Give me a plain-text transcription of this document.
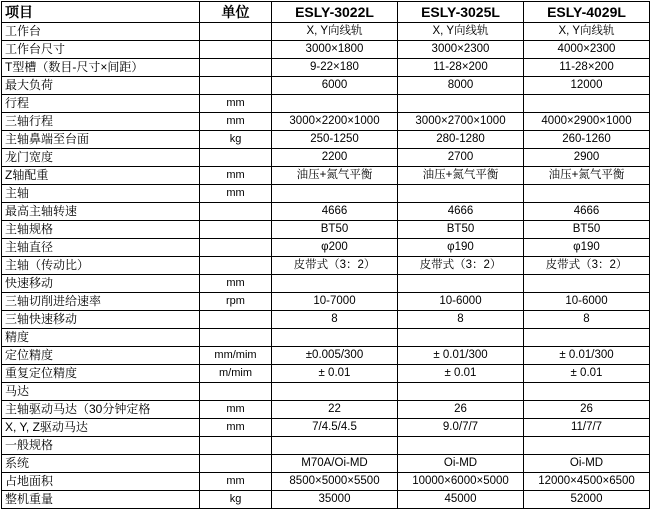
项目	单位	ESLY-3022L	ESLY-3025L	ESLY-4029L
工作台		X, Y向线轨	X, Y向线轨	X, Y向线轨
工作台尺寸		3000×1800	3000×2300	4000×2300
T型槽（数目-尺寸×间距）		9-22×180	11-28×200	11-28×200
最大负荷		6000	8000	12000
行程	mm			
三轴行程	mm	3000×2200×1000	3000×2700×1000	4000×2900×1000
主轴鼻端至台面	kg	250-1250	280-1280	260-1260
龙门宽度		2200	2700	2900
Z轴配重	mm	油压+氮气平衡	油压+氮气平衡	油压+氮气平衡
主轴	mm			
最高主轴转速		4666	4666	4666
主轴规格		BT50	BT50	BT50
主轴直径		φ200	φ190	φ190
主轴（传动比）		皮带式（3：2）	皮带式（3：2）	皮带式（3：2）
快速移动	mm			
三轴切削进给速率	rpm	10-7000	10-6000	10-6000
三轴快速移动		8	8	8
精度				
定位精度	mm/mim	±0.005/300	± 0.01/300	± 0.01/300
重复定位精度	m/mim	± 0.01	± 0.01	± 0.01
马达				
主轴驱动马达（30分钟定格	mm	22	26	26
X, Y, Z驱动马达	mm	7/4.5/4.5	9.0/7/7	11/7/7
一般规格				
系统		M70A/Oi-MD	Oi-MD	Oi-MD
占地面积	mm	8500×5000×5500	10000×6000×5000	12000×4500×6500
整机重量	kg	35000	45000	52000
